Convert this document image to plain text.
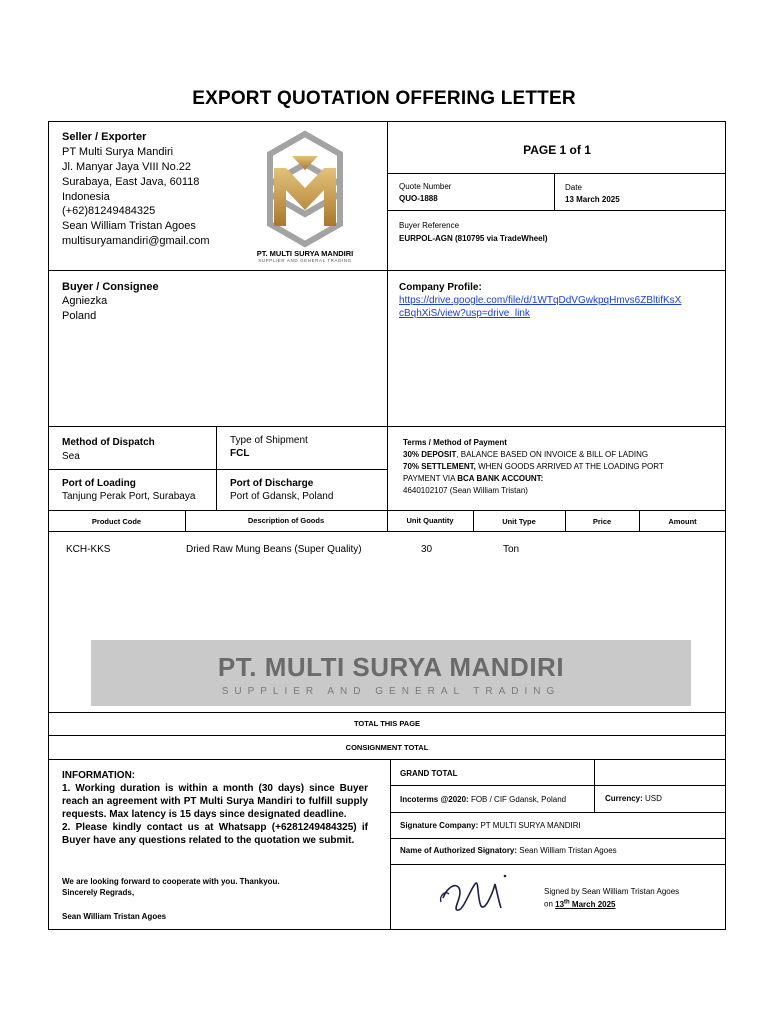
EXPORT QUOTATION OFFERING LETTER
Seller / Exporter
PT Multi Surya Mandiri
Jl. Manyar Jaya VIII No.22
Surabaya, East Java, 60118
Indonesia
(+62)81249484325
Sean William Tristan Agoes
multisuryamandiri@gmail.com
PT. MULTI SURYA MANDIRI
SUPPLIER AND GENERAL TRADING
PAGE 1 of 1
Quote Number
QUO-1888
Date
13 March 2025
Buyer Reference
EURPOL-AGN (810795 via TradeWheel)
Buyer / Consignee
Agniezka
Poland
Company Profile:
https://drive.google.com/file/d/1WTqDdVGwkpqHmvs6ZBltifKsX
cBqhXiS/view?usp=drive_link
Method of Dispatch
Sea
Type of Shipment
FCL
Port of Loading
Tanjung Perak Port, Surabaya
Port of Discharge
Port of Gdansk, Poland
Terms / Method of Payment
30% DEPOSIT, BALANCE BASED ON INVOICE & BILL OF LADING
70% SETTLEMENT, WHEN GOODS ARRIVED AT THE LOADING PORT
PAYMENT VIA BCA BANK ACCOUNT:
4640102107 (Sean William Tristan)
Product Code	Description of Goods	Unit Quantity	Unit Type	Price	Amount
KCH-KKS	Dried Raw Mung Beans (Super Quality)	30	Ton
PT. MULTI SURYA MANDIRI
SUPPLIER AND GENERAL TRADING
TOTAL THIS PAGE
CONSIGNMENT TOTAL

INFORMATION:

1. Working duration is within a month (30 days) since Buyer reach an agreement with PT Multi Surya Mandiri to fulfill supply requests. Max latency is 15 days since designated deadline.

2. Please kindly contact us at Whatsapp (+6281249484325) if Buyer have any questions related to the quotation we submit.

We are looking forward to cooperate with you. Thankyou.
Sincerely Regrads,
Sean William Tristan Agoes
GRAND TOTAL
Incoterms @2020: FOB / CIF Gdansk, Poland	Currency: USD
Signature Company: PT MULTI SURYA MANDIRI
Name of Authorized Signatory: Sean William Tristan Agoes
Signed by Sean William Tristan Agoes
on 13th March 2025
